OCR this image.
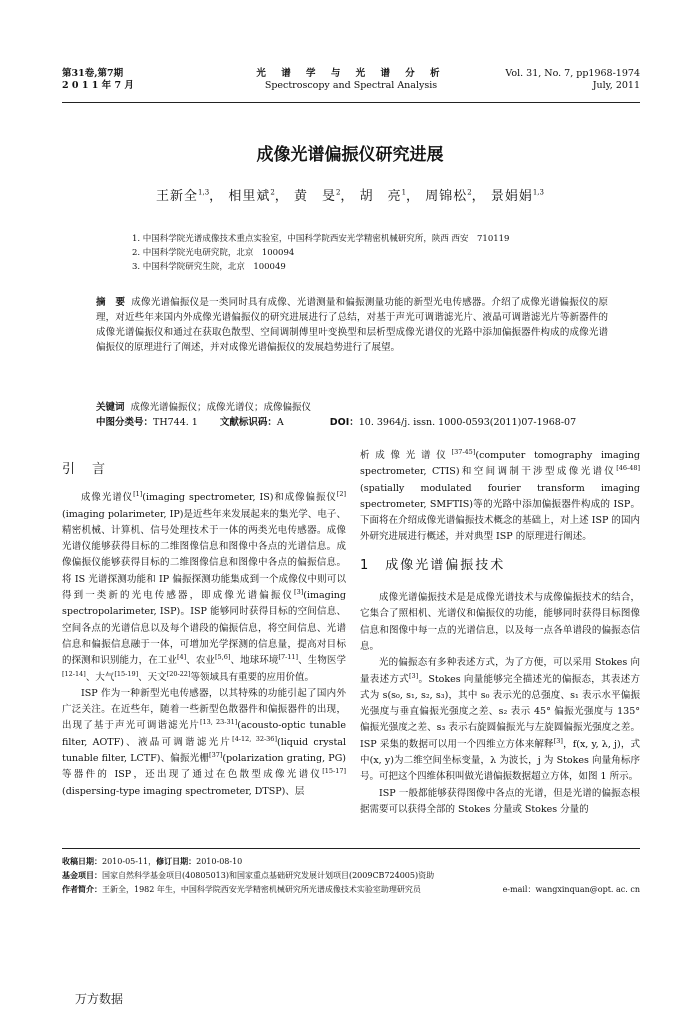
第31卷,第7期
2 0 1 1 年 7 月
光 谱 学 与 光 谱 分 析
Spectroscopy and Spectral Analysis
Vol. 31, No. 7, pp1968-1974
July, 2011
成像光谱偏振仪研究进展
王新全$^{1,3}$， 相里斌$^2$， 黄　旻$^2$， 胡　亮$^1$， 周锦松$^2$， 景娟娟$^{1,3}$
1. 中国科学院光谱成像技术重点实验室，中国科学院西安光学精密机械研究所，陕西 西安　710119
2. 中国科学院光电研究院，北京　100094
3. 中国科学院研究生院，北京　100049
摘　要 成像光谱偏振仪是一类同时具有成像、光谱测量和偏振测量功能的新型光电传感器。介绍了成像光谱偏振仪的原理，对近些年来国内外成像光谱偏振仪的研究进展进行了总结，对基于声光可调谐滤光片、液晶可调谐滤光片等新器件的成像光谱偏振仪和通过在获取色散型、空间调制傅里叶变换型和层析型成像光谱仪的光路中添加偏振器件构成的成像光谱偏振仪的原理进行了阐述，并对成像光谱偏振仪的发展趋势进行了展望。
关键词 成像光谱偏振仪；成像光谱仪；成像偏振仪
中图分类号：TH744. 1 文献标识码：A	DOI：10. 3964/j. issn. 1000-0593(2011)07-1968-07
引　言

成像光谱仪[1](imaging spectrometer, IS)和成像偏振仪[2](imaging polarimeter, IP)是近些年来发展起来的集光学、电子、精密机械、计算机、信号处理技术于一体的两类光电传感器。成像光谱仪能够获得目标的二维图像信息和图像中各点的光谱信息。成像偏振仪能够获得目标的二维图像信息和图像中各点的偏振信息。将 IS 光谱探测功能和 IP 偏振探测功能集成到一个成像仪中则可以得到一类新的光电传感器，即成像光谱偏振仪[3](imaging spectropolarimeter, ISP)。ISP 能够同时获得目标的空间信息、空间各点的光谱信息以及每个谱段的偏振信息，将空间信息、光谱信息和偏振信息融于一体，可增加光学探测的信息量，提高对目标的探测和识别能力，在工业[4]、农业[5,6]、地球环境[7-11]、生物医学[12-14]、大气[15-19]、天文[20-22]等领域具有重要的应用价值。

ISP 作为一种新型光电传感器，以其特殊的功能引起了国内外广泛关注。在近些年，随着一些新型色散器件和偏振器件的出现，出现了基于声光可调谐滤光片[13, 23-31](acousto-optic tunable filter, AOTF)、液晶可调谐滤光片[4-12, 32-36](liquid crystal tunable filter, LCTF)、偏振光栅[37](polarization grating, PG)等器件的 ISP，还出现了通过在色散型成像光谱仪[15-17](dispersing-type imaging spectrometer, DTSP)、层

析成像光谱仪[37-45](computer tomography imaging spectrometer, CTIS)和空间调制干涉型成像光谱仪[46-48](spatially modulated fourier transform imaging spectrometer, SMFTIS)等的光路中添加偏振器件构成的 ISP。下面将在介绍成像光谱偏振技术概念的基础上，对上述 ISP 的国内外研究进展进行概述，并对典型 ISP 的原理进行阐述。

1　成像光谱偏振技术

成像光谱偏振技术是是成像光谱技术与成像偏振技术的结合，它集合了照相机、光谱仪和偏振仪的功能，能够同时获得目标图像信息和图像中每一点的光谱信息，以及每一点各单谱段的偏振态信息。

光的偏振态有多种表述方式，为了方便，可以采用 Stokes 向量表述方式[3]。Stokes 向量能够完全描述光的偏振态，其表述方式为 s(s₀, s₁, s₂, s₃)，其中 s₀ 表示光的总强度、s₁ 表示水平偏振光强度与垂直偏振光强度之差、s₂ 表示 45° 偏振光强度与 135° 偏振光强度之差、s₃ 表示右旋圆偏振光与左旋圆偏振光强度之差。ISP 采集的数据可以用一个四维立方体来解释[3]，f(x, y, λ, j)，式中(x, y)为二维空间坐标变量，λ 为波长，j 为 Stokes 向量角标序号。可把这个四维体积叫做光谱偏振数据超立方体，如图 1 所示。

ISP 一般都能够获得图像中各点的光谱，但是光谱的偏振态根据需要可以获得全部的 Stokes 分量或 Stokes 分量的

收稿日期：2010-05-11，修订日期：2010-08-10
基金项目：国家自然科学基金项目(40805013)和国家重点基础研究发展计划项目(2009CB724005)资助
作者简介：王新全，1982 年生，中国科学院西安光学精密机械研究所光谱成像技术实验室助理研究员	e-mail：wangxinquan@opt. ac. cn
万方数据
